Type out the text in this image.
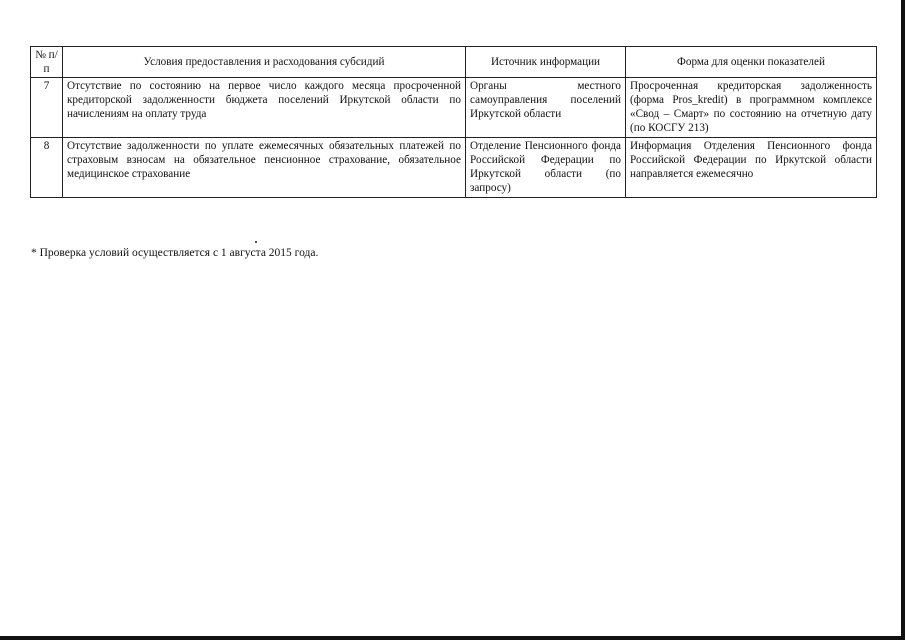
№ п/п	Условия предоставления и расходования субсидий	Источник информации	Форма для оценки показателей
7	Отсутствие по состоянию на первое число каждого месяца просроченной кредиторской задолженности бюджета поселений Иркутской области по начислениям на оплату труда	Органы местного самоуправления поселений Иркутской области	Просроченная кредиторская задолженность (форма Pros_kredit) в программном комплексе «Свод – Смарт» по состоянию на отчетную дату (по КОСГУ 213)
8	Отсутствие задолженности по уплате ежемесячных обязательных платежей по страховым взносам на обязательное пенсионное страхование, обязательное медицинское страхование	Отделение Пенсионного фонда Российской Федерации по Иркутской области (по запросу)	Информация Отделения Пенсионного фонда Российской Федерации по Иркутской области направляется ежемесячно
* Проверка условий осуществляется с 1 августа 2015 года.
